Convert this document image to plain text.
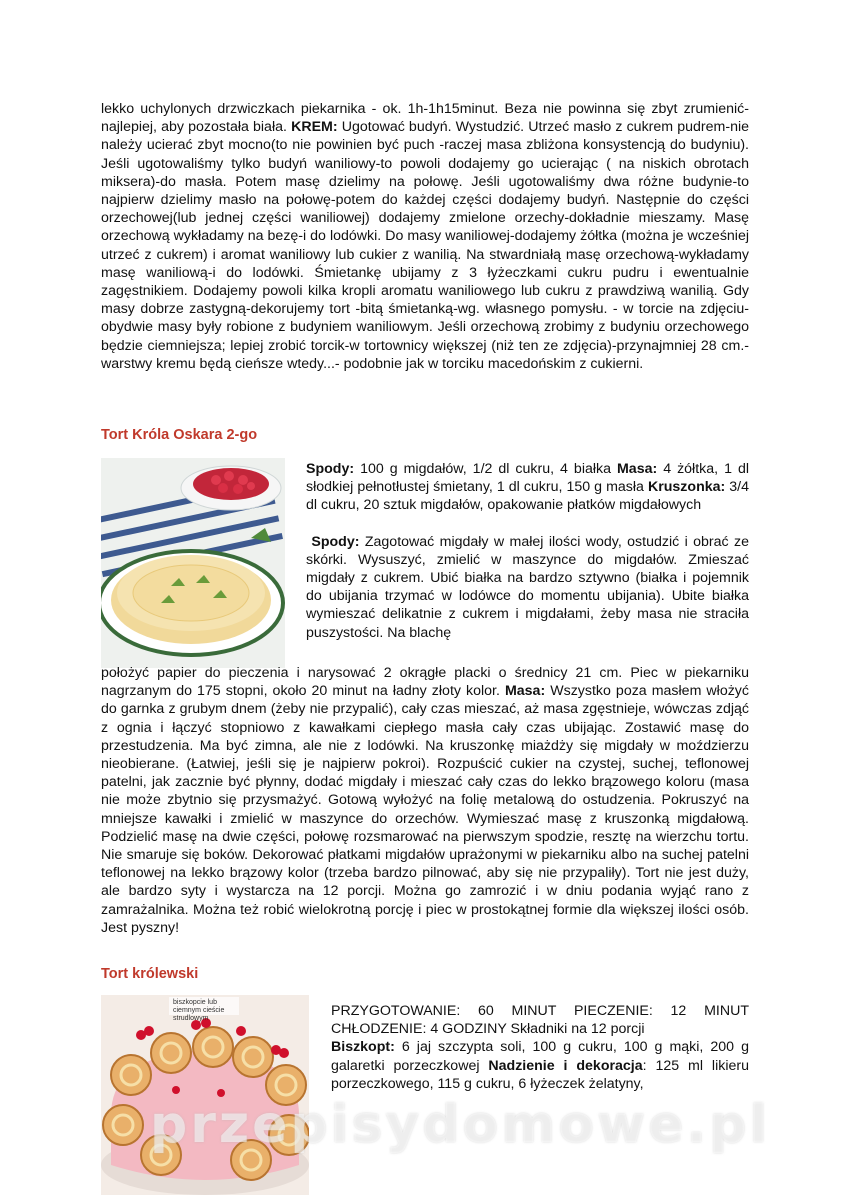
lekko uchylonych drzwiczkach piekarnika - ok. 1h-1h15minut. Beza nie powinna się zbyt zrumienić-najlepiej, aby pozostała biała. KREM: Ugotować budyń. Wystudzić. Utrzeć masło z cukrem pudrem-nie należy ucierać zbyt mocno(to nie powinien być puch -raczej masa zbliżona konsystencją do budyniu). Jeśli ugotowaliśmy tylko budyń waniliowy-to powoli dodajemy go ucierając ( na niskich obrotach miksera)-do masła. Potem masę dzielimy na połowę. Jeśli ugotowaliśmy dwa różne budynie-to najpierw dzielimy masło na połowę-potem do każdej części dodajemy budyń. Następnie do części orzechowej(lub jednej części waniliowej) dodajemy zmielone orzechy-dokładnie mieszamy. Masę orzechową wykładamy na bezę-i do lodówki. Do masy waniliowej-dodajemy żółtka (można je wcześniej utrzeć z cukrem) i aromat waniliowy lub cukier z wanilią. Na stwardniałą masę orzechową-wykładamy masę waniliową-i do lodówki. Śmietankę ubijamy z 3 łyżeczkami cukru pudru i ewentualnie zagęstnikiem. Dodajemy powoli kilka kropli aromatu waniliowego lub cukru z prawdziwą wanilią. Gdy masy dobrze zastygną-dekorujemy tort -bitą śmietanką-wg. własnego pomysłu. - w torcie na zdjęciu-obydwie masy były robione z budyniem waniliowym. Jeśli orzechową zrobimy z budyniu orzechowego będzie ciemniejsza; lepiej zrobić torcik-w tortownicy większej (niż ten ze zdjęcia)-przynajmniej 28 cm.- warstwy kremu będą cieńsze wtedy...- podobnie jak w torciku macedońskim z cukierni.

Tort Króla Oskara 2-go

Spody: 100 g migdałów, 1/2 dl cukru, 4 białka Masa: 4 żółtka, 1 dl słodkiej pełnotłustej śmietany, 1 dl cukru, 150 g masła Kruszonka: 3/4 dl cukru, 20 sztuk migdałów, opakowanie płatków migdałowych

Spody: Zagotować migdały w małej ilości wody, ostudzić i obrać ze skórki. Wysuszyć, zmielić w maszynce do migdałów. Zmieszać migdały z cukrem. Ubić białka na bardzo sztywno (białka i pojemnik do ubijania trzymać w lodówce do momentu ubijania). Ubite białka wymieszać delikatnie z cukrem i migdałami, żeby masa nie straciła puszystości. Na blachę

położyć papier do pieczenia i narysować 2 okrągłe placki o średnicy 21 cm. Piec w piekarniku nagrzanym do 175 stopni, około 20 minut na ładny złoty kolor. Masa: Wszystko poza masłem włożyć do garnka z grubym dnem (żeby nie przypalić), cały czas mieszać, aż masa zgęstnieje, wówczas zdjąć z ognia i łączyć stopniowo z kawałkami ciepłego masła cały czas ubijając. Zostawić masę do przestudzenia. Ma być zimna, ale nie z lodówki. Na kruszonkę miażdży się migdały w moździerzu nieobierane. (Łatwiej, jeśli się je najpierw pokroi). Rozpuścić cukier na czystej, suchej, teflonowej patelni, jak zacznie być płynny, dodać migdały i mieszać cały czas do lekko brązowego koloru (masa nie może zbytnio się przysmażyć. Gotową wyłożyć na folię metalową do ostudzenia. Pokruszyć na mniejsze kawałki i zmielić w maszynce do orzechów. Wymieszać masę z kruszonką migdałową. Podzielić masę na dwie części, połowę rozsmarować na pierwszym spodzie, resztę na wierzchu tortu. Nie smaruje się boków. Dekorować płatkami migdałów uprażonymi w piekarniku albo na suchej patelni teflonowej na lekko brązowy kolor (trzeba bardzo pilnować, aby się nie przypaliły). Tort nie jest duży, ale bardzo syty i wystarcza na 12 porcji. Można go zamrozić i w dniu podania wyjąć rano z zamrażalnika. Można też robić wielokrotną porcję i piec w prostokątnej formie dla większej ilości osób. Jest pyszny!

Tort królewski
biszkopcie lub ciemnym cieście strudlowym	PRZYGOTOWANIE: 60 MINUT PIECZENIE: 12 MINUT CHŁODZENIE: 4 GODZINY Składniki na 12 porcji

Biszkopt: 6 jaj szczypta soli, 100 g cukru, 100 g mąki, 200 g galaretki porzeczkowej Nadzienie i dekoracja: 125 ml likieru porzeczkowego, 115 g cukru, 6 łyżeczek żelatyny,

przepisydomowe.pl
